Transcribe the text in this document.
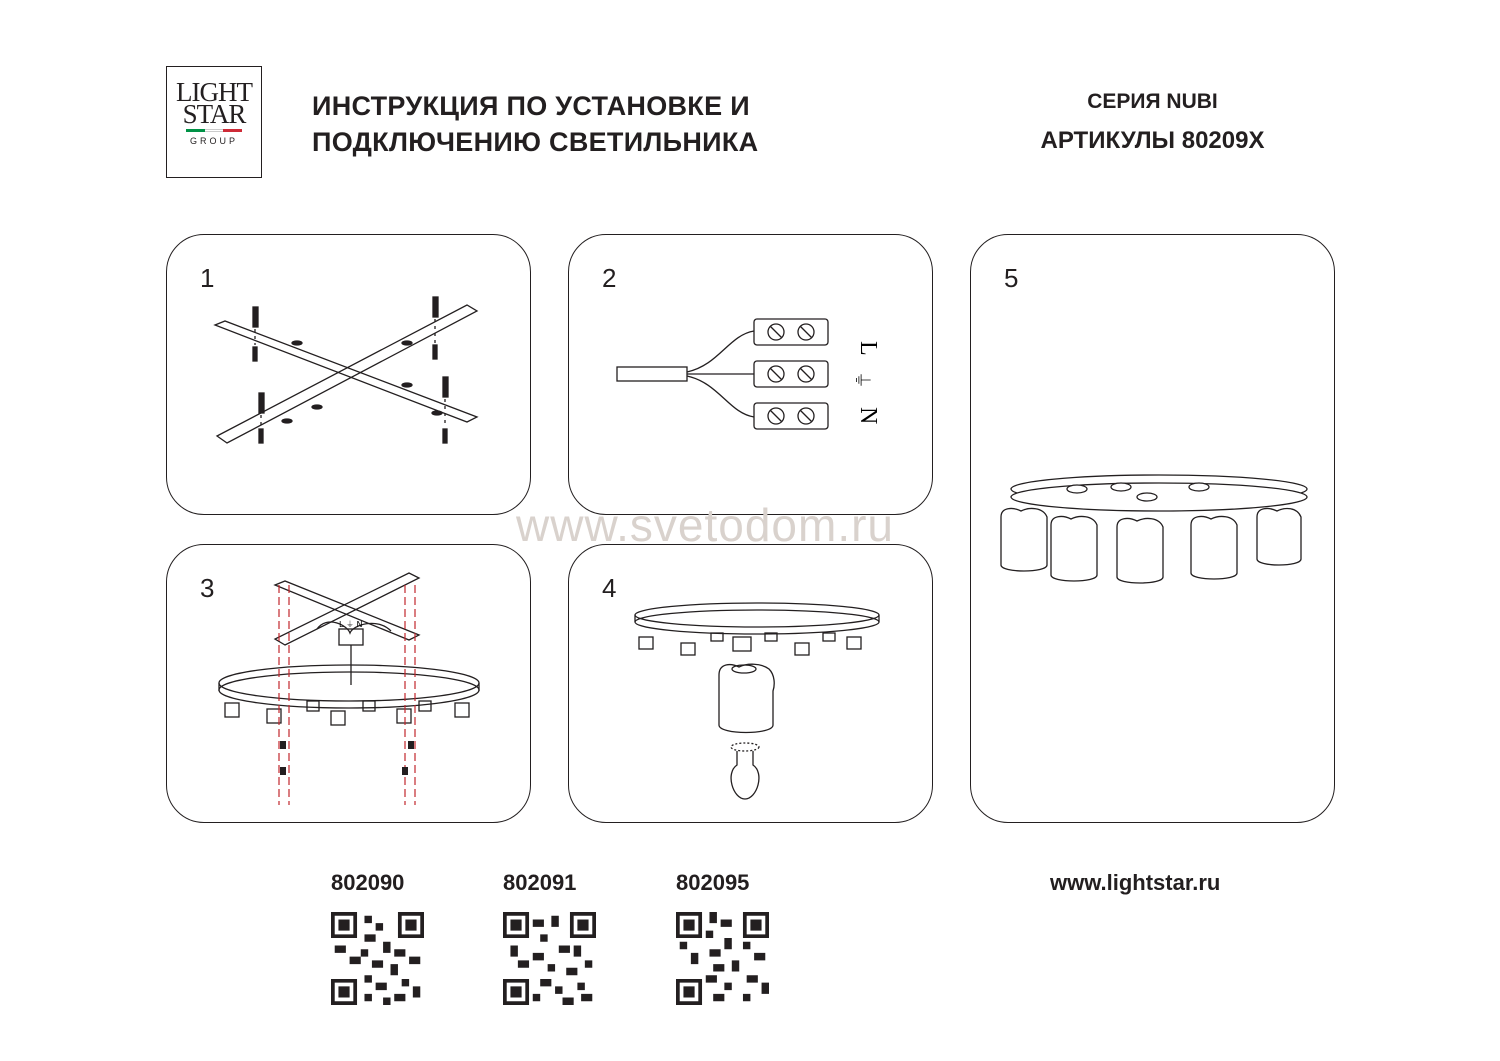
LIGHT
STAR
GROUP
ИНСТРУКЦИЯ ПО УСТАНОВКЕ И
ПОДКЛЮЧЕНИЮ СВЕТИЛЬНИКА
СЕРИЯ NUBI
АРТИКУЛЫ 80209X
1	2
L
⏚
N
3
L ⏚ N
4
5
www.svetodom.ru
802090	802091	802095	www.lightstar.ru
